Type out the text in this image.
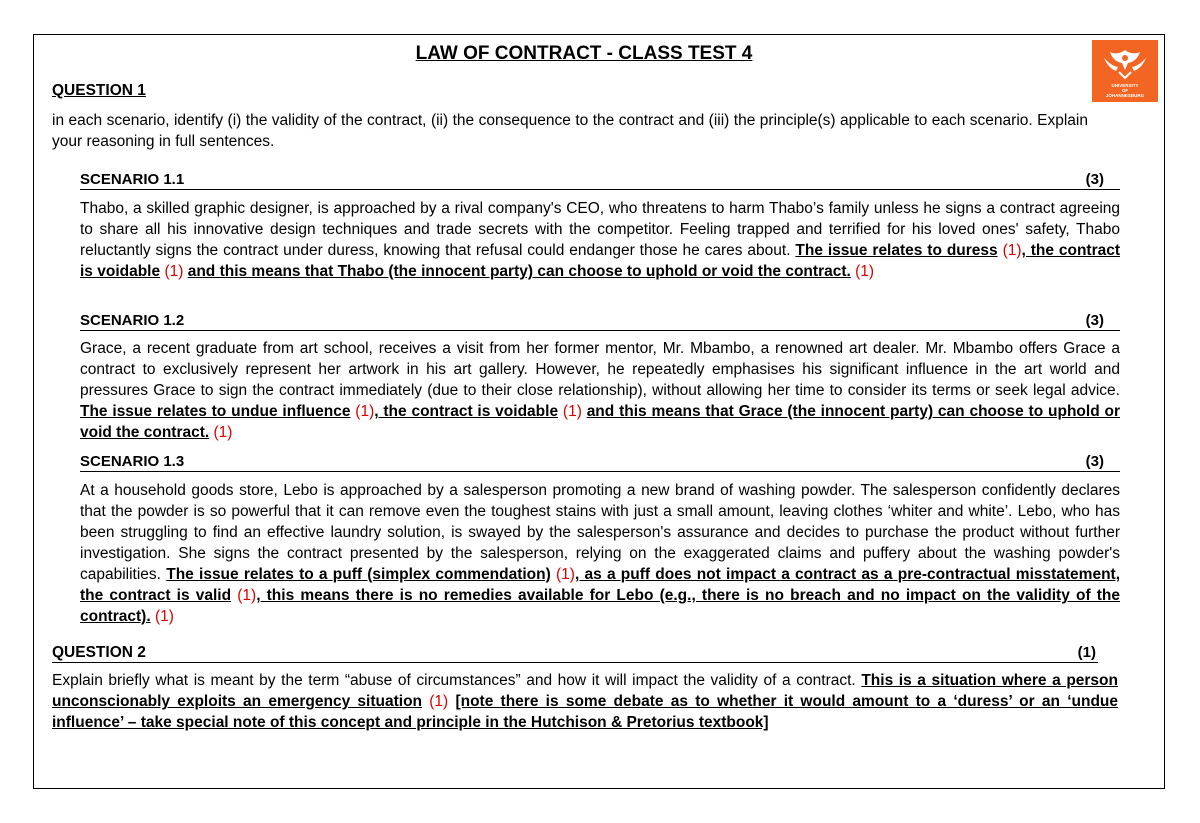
LAW OF CONTRACT - CLASS TEST 4
UNIVERSITY
OF
JOHANNESBURG
QUESTION 1
in each scenario, identify (i) the validity of the contract, (ii) the consequence to the contract and (iii) the principle(s) applicable to each scenario. Explain your reasoning in full sentences.
SCENARIO 1.1	(3)
Thabo, a skilled graphic designer, is approached by a rival company's CEO, who threatens to harm Thabo’s family unless he signs a contract agreeing to share all his innovative design techniques and trade secrets with the competitor. Feeling trapped and terrified for his loved ones' safety, Thabo reluctantly signs the contract under duress, knowing that refusal could endanger those he cares about. The issue relates to duress (1), the contract is voidable (1) and this means that Thabo (the innocent party) can choose to uphold or void the contract. (1)
SCENARIO 1.2	(3)
Grace, a recent graduate from art school, receives a visit from her former mentor, Mr. Mbambo, a renowned art dealer. Mr. Mbambo offers Grace a contract to exclusively represent her artwork in his art gallery. However, he repeatedly emphasises his significant influence in the art world and pressures Grace to sign the contract immediately (due to their close relationship), without allowing her time to consider its terms or seek legal advice. The issue relates to undue influence (1), the contract is voidable (1) and this means that Grace (the innocent party) can choose to uphold or void the contract. (1)
SCENARIO 1.3	(3)
At a household goods store, Lebo is approached by a salesperson promoting a new brand of washing powder. The salesperson confidently declares that the powder is so powerful that it can remove even the toughest stains with just a small amount, leaving clothes ‘whiter and white’. Lebo, who has been struggling to find an effective laundry solution, is swayed by the salesperson's assurance and decides to purchase the product without further investigation. She signs the contract presented by the salesperson, relying on the exaggerated claims and puffery about the washing powder's capabilities. The issue relates to a puff (simplex commendation) (1), as a puff does not impact a contract as a pre-contractual misstatement, the contract is valid (1), this means there is no remedies available for Lebo (e.g., there is no breach and no impact on the validity of the contract). (1)
QUESTION 2	(1)
Explain briefly what is meant by the term “abuse of circumstances” and how it will impact the validity of a contract. This is a situation where a person unconscionably exploits an emergency situation (1) [note there is some debate as to whether it would amount to a ‘duress’ or an ‘undue influence’ – take special note of this concept and principle in the Hutchison & Pretorius textbook]
